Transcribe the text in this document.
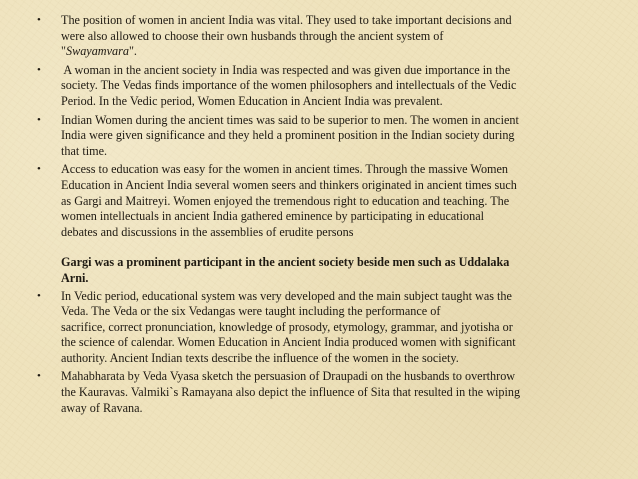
• The position of women in ancient India was vital. They used to take important decisions and
were also allowed to choose their own husbands through the ancient system of
"Swayamvara".
• A woman in the ancient society in India was respected and was given due importance in the
society. The Vedas finds importance of the women philosophers and intellectuals of the Vedic
Period. In the Vedic period, Women Education in Ancient India was prevalent.
• Indian Women during the ancient times was said to be superior to men. The women in ancient
India were given significance and they held a prominent position in the Indian society during
that time.
• Access to education was easy for the women in ancient times. Through the massive Women
Education in Ancient India several women seers and thinkers originated in ancient times such
as Gargi and Maitreyi. Women enjoyed the tremendous right to education and teaching. The
women intellectuals in ancient India gathered eminence by participating in educational
debates and discussions in the assemblies of erudite persons
Gargi was a prominent participant in the ancient society beside men such as Uddalaka
Arni.
• In Vedic period, educational system was very developed and the main subject taught was the
Veda. The Veda or the six Vedangas were taught including the performance of
sacrifice, correct pronunciation, knowledge of prosody, etymology, grammar, and jyotisha or
the science of calendar. Women Education in Ancient India produced women with significant
authority. Ancient Indian texts describe the influence of the women in the society.
• Mahabharata by Veda Vyasa sketch the persuasion of Draupadi on the husbands to overthrow
the Kauravas. Valmiki`s Ramayana also depict the influence of Sita that resulted in the wiping
away of Ravana.
